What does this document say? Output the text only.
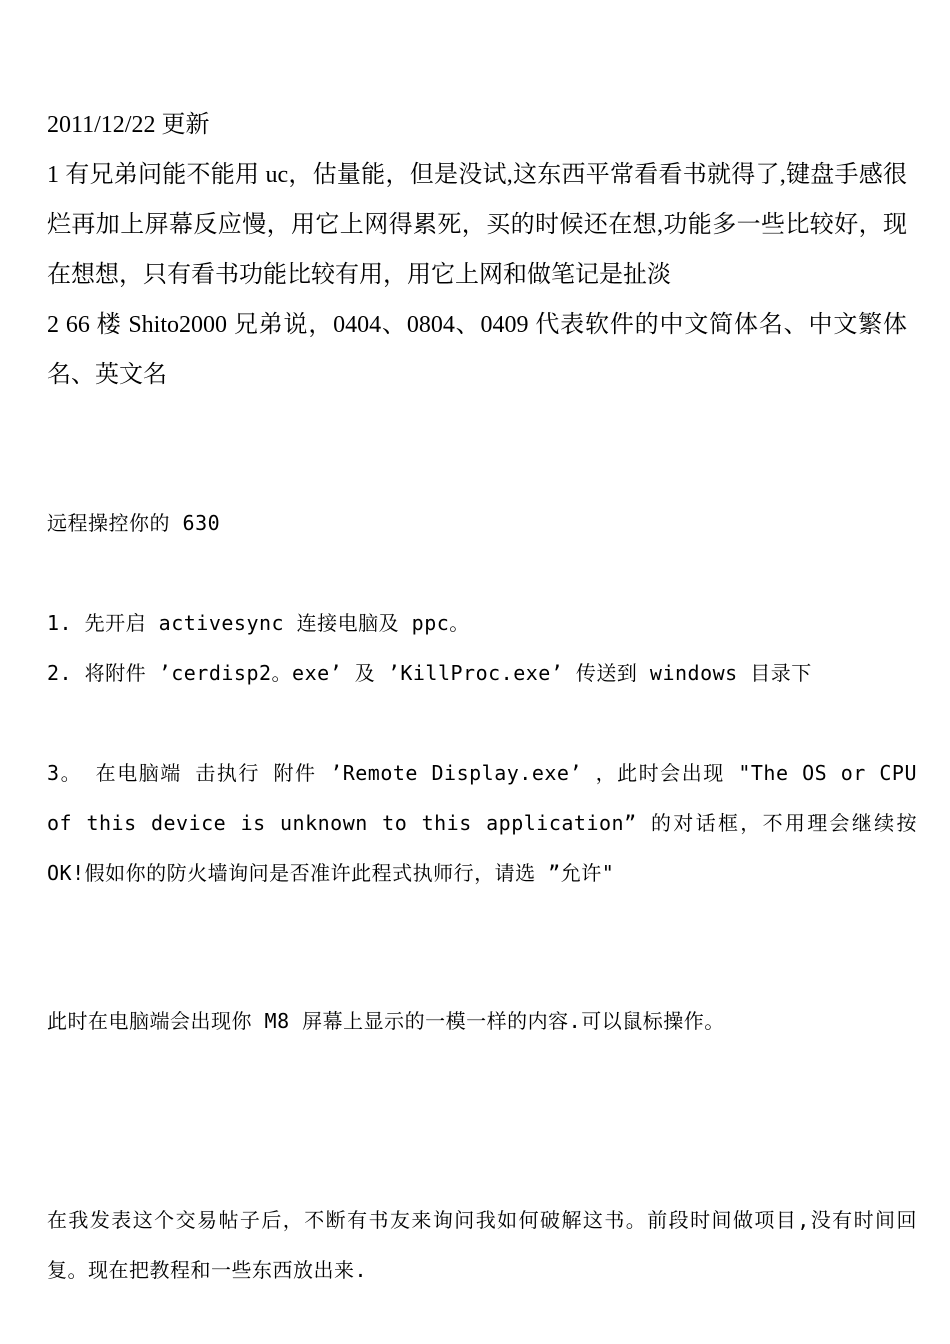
2011/12/22 更新

1 有兄弟问能不能用 uc，估量能，但是没试,这东西平常看看书就得了,键盘手感很烂再加上屏幕反应慢，用它上网得累死，买的时候还在想,功能多一些比较好，现在想想，只有看书功能比较有用，用它上网和做笔记是扯淡

2 66 楼 Shito2000 兄弟说，0404、0804、0409 代表软件的中文简体名、中文繁体名、英文名

远程操控你的 630

1. 先开启 activesync 连接电脑及 ppc。

2. 将附件 ’cerdisp2。exe’ 及 ’KillProc.exe’ 传送到 windows 目录下

3。 在电脑端 击执行 附件 ’Remote Display.exe’ ，此时会出现 "The OS or CPU of this device is unknown to this application” 的对话框，不用理会继续按 OK!假如你的防火墙询问是否准许此程式执师行，请选 ”允许"

此时在电脑端会出现你 M8 屏幕上显示的一模一样的内容.可以鼠标操作。

在我发表这个交易帖子后，不断有书友来询问我如何破解这书。前段时间做项目,没有时间回复。现在把教程和一些东西放出来.
